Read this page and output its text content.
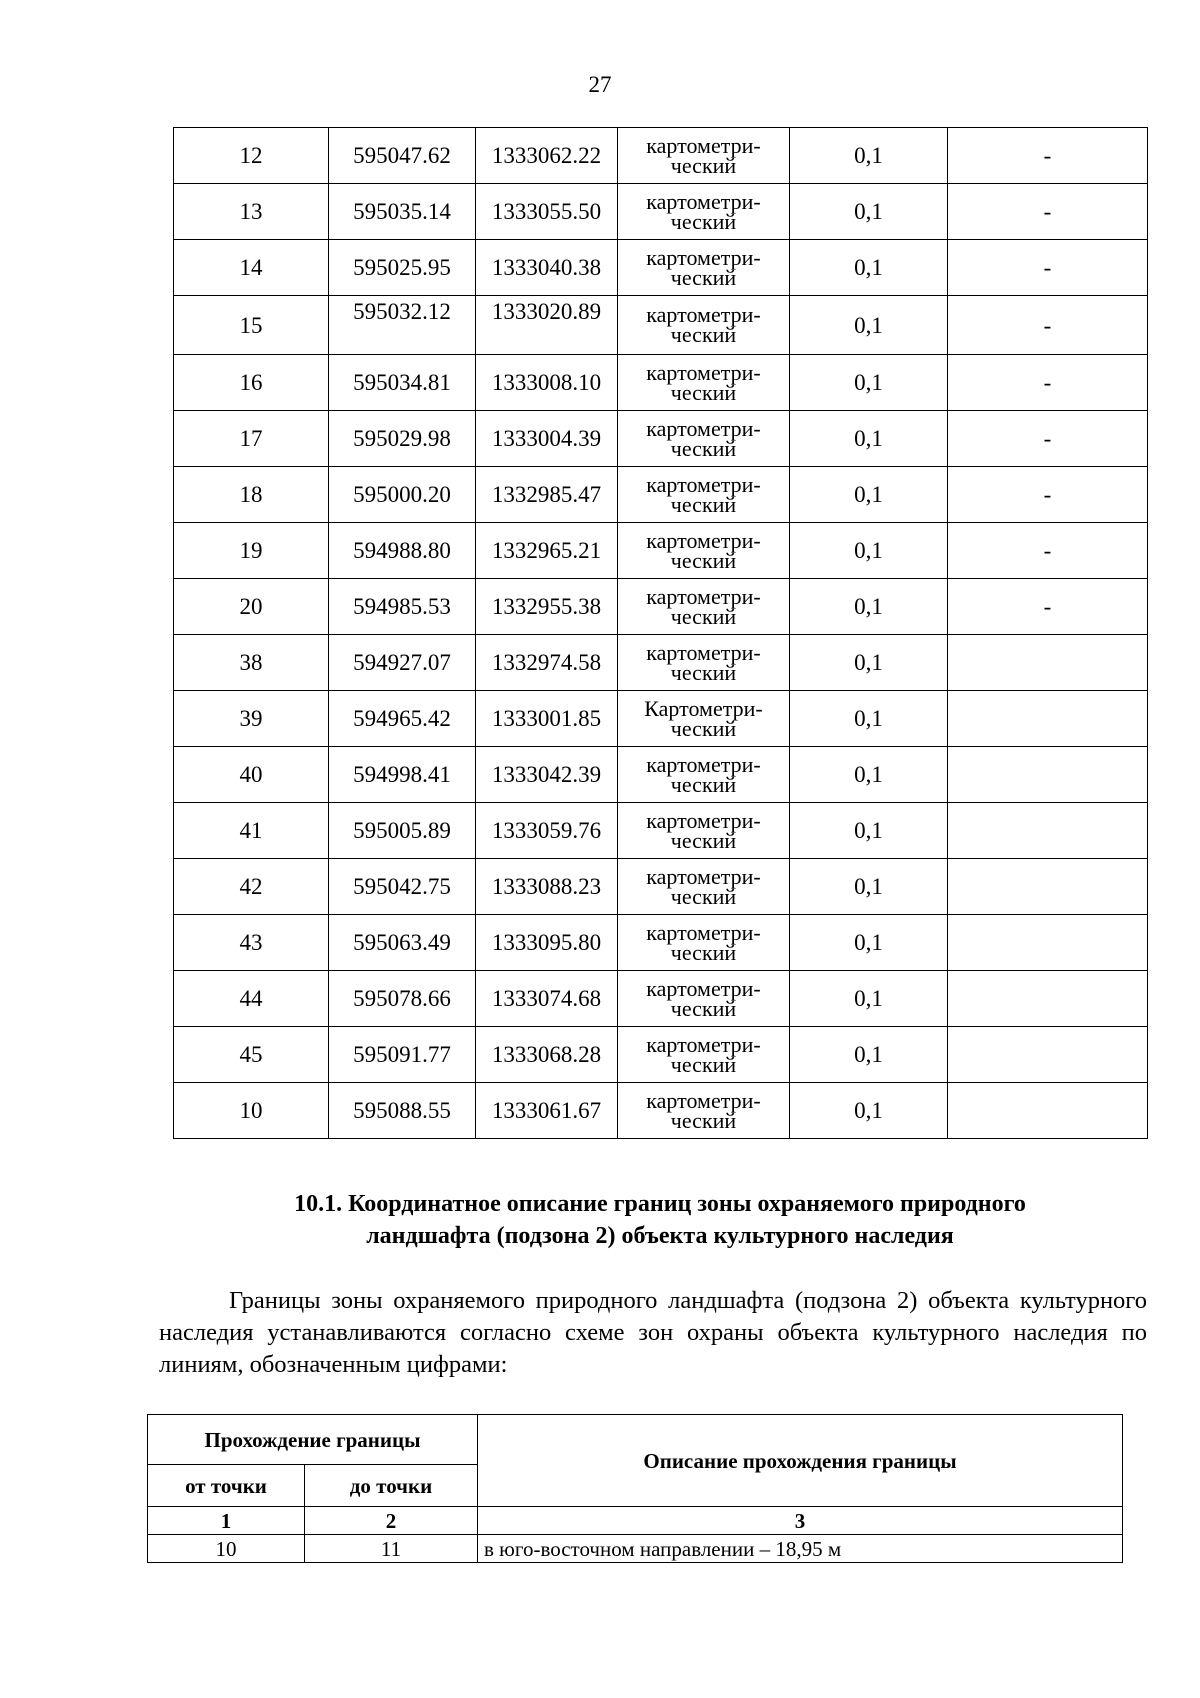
27
12	595047.62	1333062.22	картометри-
ческий	0,1	-
13	595035.14	1333055.50	картометри-
ческий	0,1	-
14	595025.95	1333040.38	картометри-
ческий	0,1	-
15	595032.12	1333020.89	картометри-
ческий	0,1	-
16	595034.81	1333008.10	картометри-
ческий	0,1	-
17	595029.98	1333004.39	картометри-
ческий	0,1	-
18	595000.20	1332985.47	картометри-
ческий	0,1	-
19	594988.80	1332965.21	картометри-
ческий	0,1	-
20	594985.53	1332955.38	картометри-
ческий	0,1	-
38	594927.07	1332974.58	картометри-
ческий	0,1	
39	594965.42	1333001.85	Картометри-
ческий	0,1	
40	594998.41	1333042.39	картометри-
ческий	0,1	
41	595005.89	1333059.76	картометри-
ческий	0,1	
42	595042.75	1333088.23	картометри-
ческий	0,1	
43	595063.49	1333095.80	картометри-
ческий	0,1	
44	595078.66	1333074.68	картометри-
ческий	0,1	
45	595091.77	1333068.28	картометри-
ческий	0,1	
10	595088.55	1333061.67	картометри-
ческий	0,1	
10.1. Координатное описание границ зоны охраняемого природного
ландшафта (подзона 2) объекта культурного наследия

Границы зоны охраняемого природного ландшафта (подзона 2) объекта культурного наследия устанавливаются согласно схеме зон охраны объекта культурного наследия по линиям, обозначенным цифрами:

Прохождение границы		Описание прохождения границы
от точки	до точки	
1	2	3
10	11	в юго-восточном направлении – 18,95 м
